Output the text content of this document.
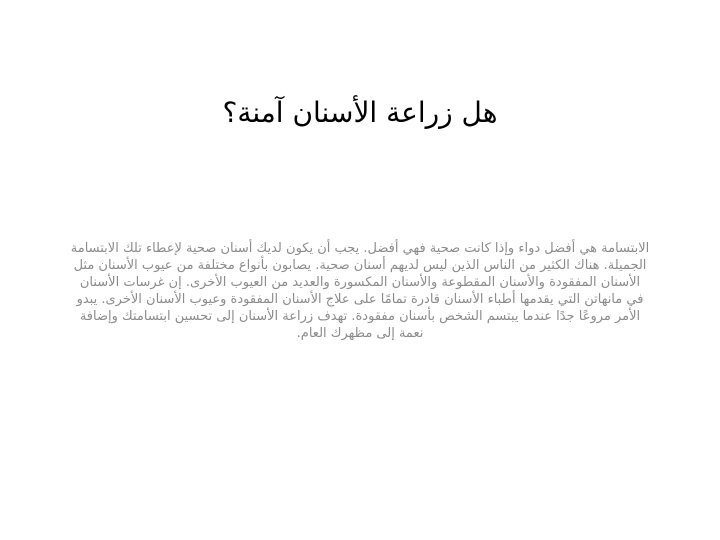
هل زراعة الأسنان آمنة؟

الابتسامة هي أفضل دواء وإذا كانت صحية فهي أفضل. يجب أن يكون لديك أسنان صحية لإعطاء تلك الابتسامة الجميلة. هناك الكثير من الناس الذين ليس لديهم أسنان صحية. يصابون بأنواع مختلفة من عيوب الأسنان مثل الأسنان المفقودة والأسنان المقطوعة والأسنان المكسورة والعديد من العيوب الأخرى. إن غرسات الأسنان في مانهاتن التي يقدمها أطباء الأسنان قادرة تمامًا على علاج الأسنان المفقودة وعيوب الأسنان الأخرى. يبدو الأمر مروعًا جدًا عندما يبتسم الشخص بأسنان مفقودة. تهدف زراعة الأسنان إلى تحسين ابتسامتك وإضافة نعمة إلى مظهرك العام.
